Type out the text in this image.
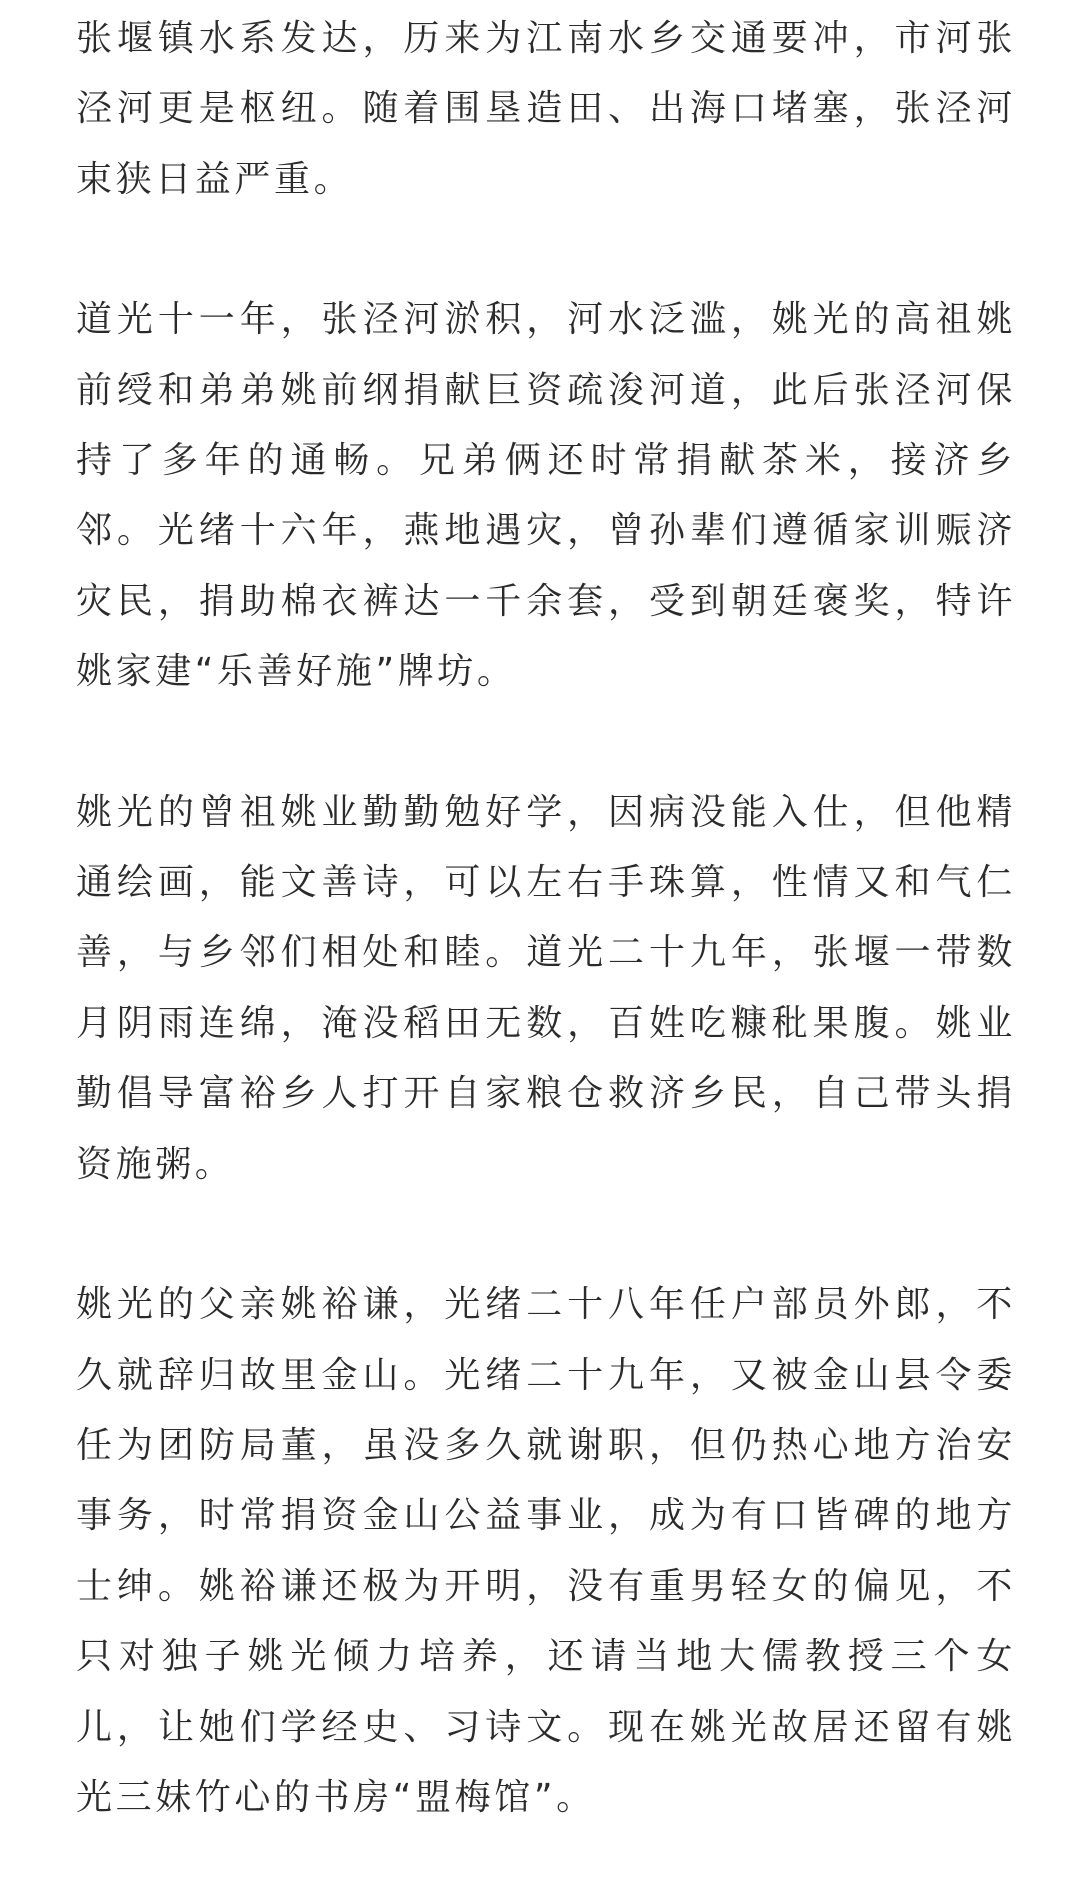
张堰镇水系发达，历来为江南水乡交通要冲，市河张泾河更是枢纽。随着围垦造田、出海口堵塞，张泾河束狭日益严重。

道光十一年，张泾河淤积，河水泛滥，姚光的高祖姚前绶和弟弟姚前纲捐献巨资疏浚河道，此后张泾河保持了多年的通畅。兄弟俩还时常捐献茶米，接济乡邻。光绪十六年，燕地遇灾，曾孙辈们遵循家训赈济灾民，捐助棉衣裤达一千余套，受到朝廷褒奖，特许姚家建“乐善好施”牌坊。

姚光的曾祖姚业勤勤勉好学，因病没能入仕，但他精通绘画，能文善诗，可以左右手珠算，性情又和气仁善，与乡邻们相处和睦。道光二十九年，张堰一带数月阴雨连绵，淹没稻田无数，百姓吃糠秕果腹。姚业勤倡导富裕乡人打开自家粮仓救济乡民，自己带头捐资施粥。

姚光的父亲姚裕谦，光绪二十八年任户部员外郎，不久就辞归故里金山。光绪二十九年，又被金山县令委任为团防局董，虽没多久就谢职，但仍热心地方治安事务，时常捐资金山公益事业，成为有口皆碑的地方士绅。姚裕谦还极为开明，没有重男轻女的偏见，不只对独子姚光倾力培养，还请当地大儒教授三个女儿，让她们学经史、习诗文。现在姚光故居还留有姚光三妹竹心的书房“盟梅馆”。
